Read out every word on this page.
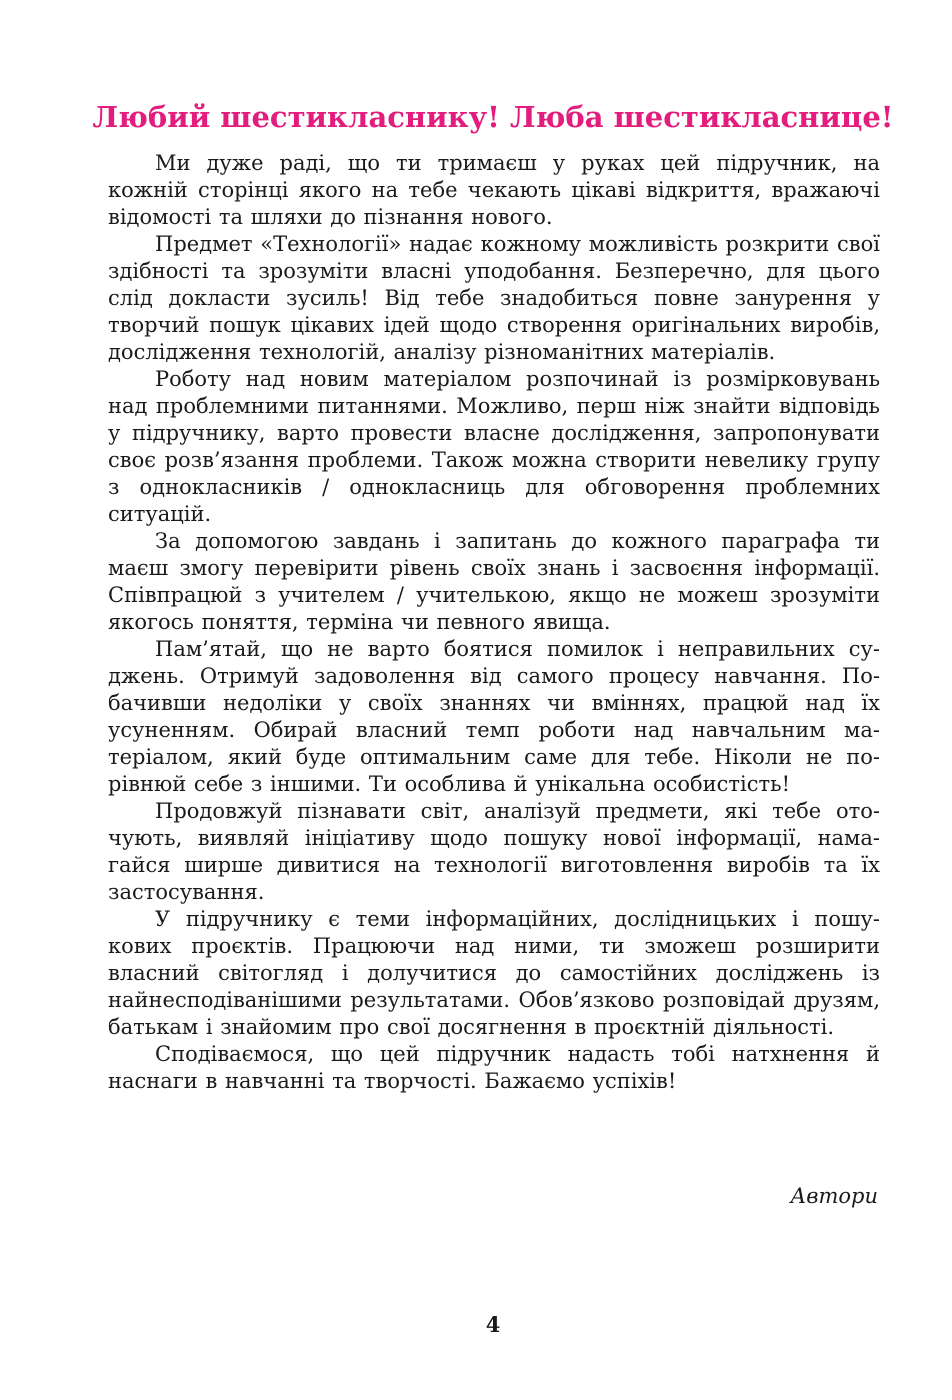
Любий шестикласнику! Люба шестикласнице!

Ми дуже раді, що ти тримаєш у руках цей підручник, на кожній сторінці якого на тебе чекають цікаві відкриття, вражаючі відомості та шляхи до пізнання нового.

Предмет «Технології» надає кожному можливість розкрити свої здібності та зрозуміти власні уподобання. Безперечно, для цього слід докласти зусиль! Від тебе знадобиться повне занурення у творчий пошук цікавих ідей щодо створення оригінальних виробів, дослідження технологій, аналізу різноманітних матеріалів.

Роботу над новим матеріалом розпочинай із розмірковувань над проблемними питаннями. Можливо, перш ніж знайти відповідь у підручнику, варто провести власне дослідження, запропонувати своє розв’язання проблеми. Також можна створити невелику групу з однокласників / однокласниць для обговорення проблемних ситуацій.

За допомогою завдань і запитань до кожного параграфа ти маєш змогу перевірити рівень своїх знань і засвоєння інформації. Співпрацюй з учителем / учителькою, якщо не можеш зрозуміти якогось поняття, терміна чи певного явища.

Пам’ятай, що не варто боятися помилок і неправильних суджень. Отримуй задоволення від самого процесу навчання. Побачивши недоліки у своїх знаннях чи вміннях, працюй над їх усуненням. Обирай власний темп роботи над навчальним матеріалом, який буде оптимальним саме для тебе. Ніколи не порівнюй себе з іншими. Ти особлива й унікальна особистість!

Продовжуй пізнавати світ, аналізуй предмети, які тебе оточують, виявляй ініціативу щодо пошуку нової інформації, намагайся ширше дивитися на технології виготовлення виробів та їх застосування.

У підручнику є теми інформаційних, дослідницьких і пошукових проєктів. Працюючи над ними, ти зможеш розширити власний світогляд і долучитися до самостійних досліджень із найнесподіванішими результатами. Обов’язково розповідай друзям, батькам і знайомим про свої досягнення в проєктній діяльності.

Сподіваємося, що цей підручник надасть тобі натхнення й наснаги в навчанні та творчості. Бажаємо успіхів!

Автори
4
